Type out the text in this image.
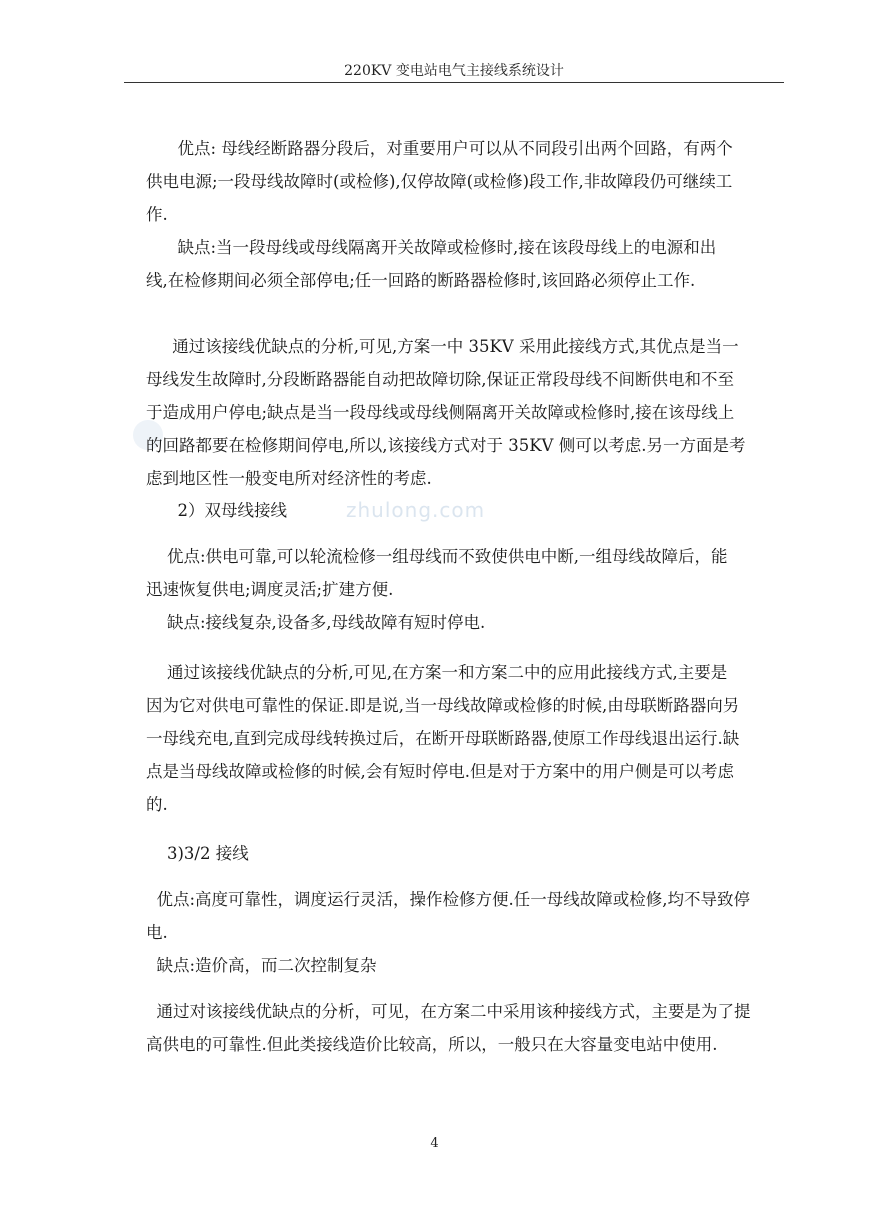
220KV 变电站电气主接线系统设计
zhulong.com
优点: 母线经断路器分段后，对重要用户可以从不同段引出两个回路，有两个
供电电源;一段母线故障时(或检修),仅停故障(或检修)段工作,非故障段仍可继续工
作.
缺点:当一段母线或母线隔离开关故障或检修时,接在该段母线上的电源和出
线,在检修期间必须全部停电;任一回路的断路器检修时,该回路必须停止工作.
通过该接线优缺点的分析,可见,方案一中 35KV 采用此接线方式,其优点是当一
母线发生故障时,分段断路器能自动把故障切除,保证正常段母线不间断供电和不至
于造成用户停电;缺点是当一段母线或母线侧隔离开关故障或检修时,接在该母线上
的回路都要在检修期间停电,所以,该接线方式对于 35KV 侧可以考虑.另一方面是考
虑到地区性一般变电所对经济性的考虑.
2）双母线接线
优点:供电可靠,可以轮流检修一组母线而不致使供电中断,一组母线故障后，能
迅速恢复供电;调度灵活;扩建方便.
缺点:接线复杂,设备多,母线故障有短时停电.
通过该接线优缺点的分析,可见,在方案一和方案二中的应用此接线方式,主要是
因为它对供电可靠性的保证.即是说,当一母线故障或检修的时候,由母联断路器向另
一母线充电,直到完成母线转换过后，在断开母联断路器,使原工作母线退出运行.缺
点是当母线故障或检修的时候,会有短时停电.但是对于方案中的用户侧是可以考虑
的.
3)3/2 接线
优点:高度可靠性，调度运行灵活，操作检修方便.任一母线故障或检修,均不导致停
电.
缺点:造价高，而二次控制复杂
通过对该接线优缺点的分析，可见，在方案二中采用该种接线方式，主要是为了提
高供电的可靠性.但此类接线造价比较高，所以，一般只在大容量变电站中使用.
4
